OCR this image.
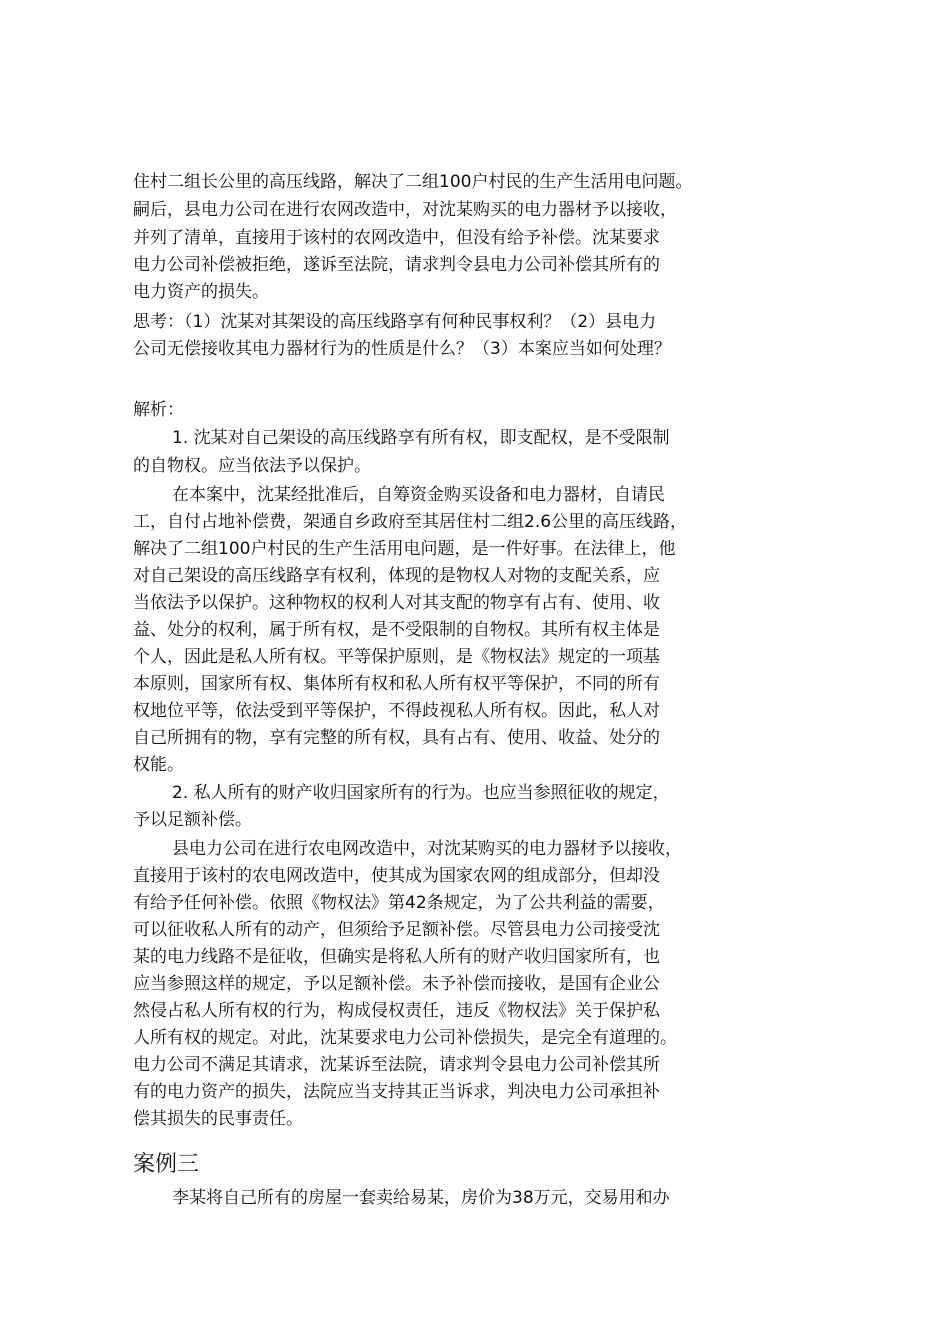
住村二组长公里的高压线路，解决了二组100户村民的生产生活用电问题。
嗣后，县电力公司在进行农网改造中，对沈某购买的电力器材予以接收，
并列了清单，直接用于该村的农网改造中，但没有给予补偿。沈某要求
电力公司补偿被拒绝，遂诉至法院，请求判令县电力公司补偿其所有的
电力资产的损失。
思考：（1）沈某对其架设的高压线路享有何种民事权利？（2）县电力
公司无偿接收其电力器材行为的性质是什么？（3）本案应当如何处理？
解析：
1. 沈某对自己架设的高压线路享有所有权，即支配权，是不受限制
的自物权。应当依法予以保护。
在本案中，沈某经批准后，自筹资金购买设备和电力器材，自请民
工，自付占地补偿费，架通自乡政府至其居住村二组2.6公里的高压线路，
解决了二组100户村民的生产生活用电问题，是一件好事。在法律上，他
对自己架设的高压线路享有权利，体现的是物权人对物的支配关系，应
当依法予以保护。这种物权的权利人对其支配的物享有占有、使用、收
益、处分的权利，属于所有权，是不受限制的自物权。其所有权主体是
个人，因此是私人所有权。平等保护原则，是《物权法》规定的一项基
本原则，国家所有权、集体所有权和私人所有权平等保护，不同的所有
权地位平等，依法受到平等保护，不得歧视私人所有权。因此，私人对
自己所拥有的物，享有完整的所有权，具有占有、使用、收益、处分的
权能。
2. 私人所有的财产收归国家所有的行为。也应当参照征收的规定，
予以足额补偿。
县电力公司在进行农电网改造中，对沈某购买的电力器材予以接收，
直接用于该村的农电网改造中，使其成为国家农网的组成部分，但却没
有给予任何补偿。依照《物权法》第42条规定，为了公共利益的需要，
可以征收私人所有的动产，但须给予足额补偿。尽管县电力公司接受沈
某的电力线路不是征收，但确实是将私人所有的财产收归国家所有，也
应当参照这样的规定，予以足额补偿。未予补偿而接收，是国有企业公
然侵占私人所有权的行为，构成侵权责任，违反《物权法》关于保护私
人所有权的规定。对此，沈某要求电力公司补偿损失，是完全有道理的。
电力公司不满足其请求，沈某诉至法院，请求判令县电力公司补偿其所
有的电力资产的损失，法院应当支持其正当诉求，判决电力公司承担补
偿其损失的民事责任。
案例三
李某将自己所有的房屋一套卖给易某，房价为38万元，交易用和办
